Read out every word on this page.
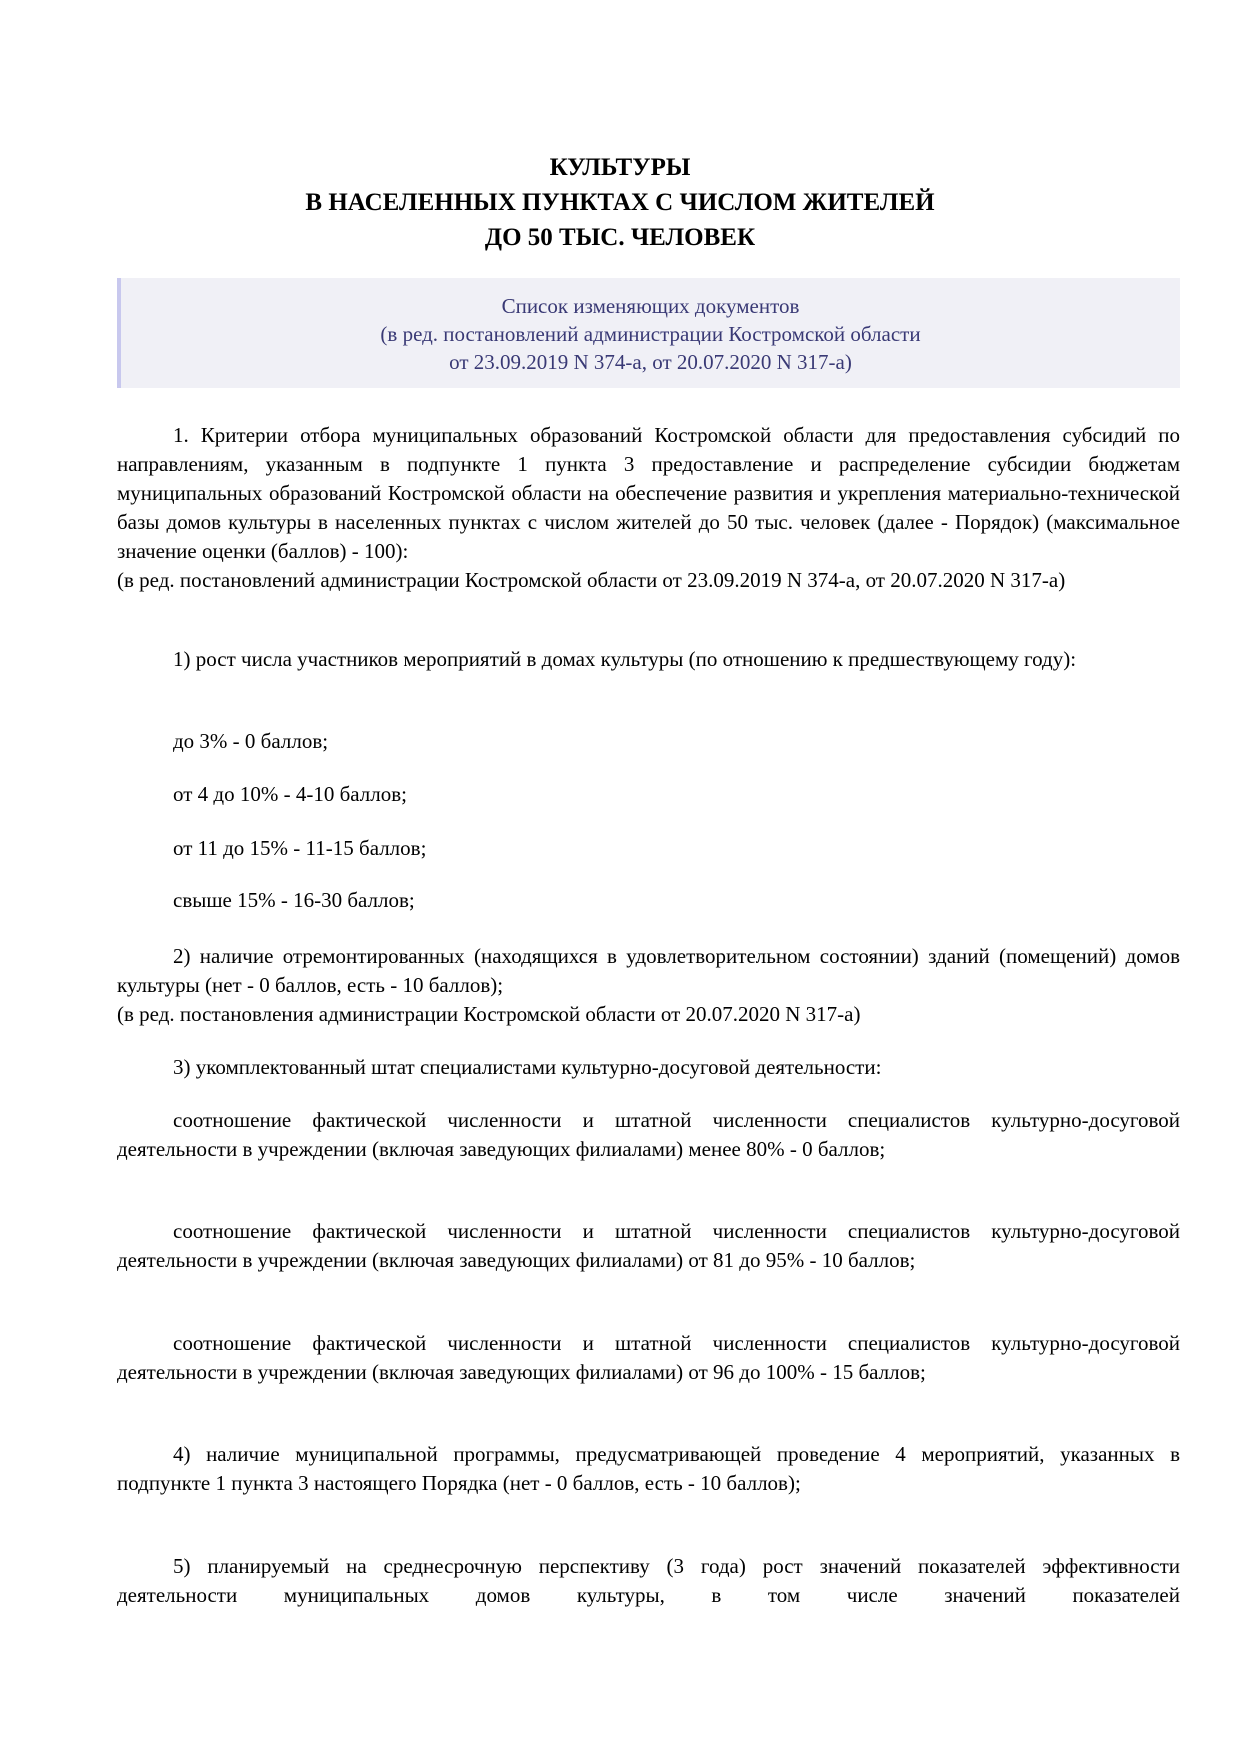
КУЛЬТУРЫ
В НАСЕЛЕННЫХ ПУНКТАХ С ЧИСЛОМ ЖИТЕЛЕЙ
ДО 50 ТЫС. ЧЕЛОВЕК
Список изменяющих документов
(в ред. постановлений администрации Костромской области
от 23.09.2019 N 374-а, от 20.07.2020 N 317-а)
1. Критерии отбора муниципальных образований Костромской области для предоставления субсидий по направлениям, указанным в подпункте 1 пункта 3 предоставление и распределение субсидии бюджетам муниципальных образований Костромской области на обеспечение развития и укрепления материально-технической базы домов культуры в населенных пунктах с числом жителей до 50 тыс. человек (далее - Порядок) (максимальное значение оценки (баллов) - 100):
(в ред. постановлений администрации Костромской области от 23.09.2019 N 374-а, от 20.07.2020 N 317-а)
1) рост числа участников мероприятий в домах культуры (по отношению к предшествующему году):
до 3% - 0 баллов;
от 4 до 10% - 4-10 баллов;
от 11 до 15% - 11-15 баллов;
свыше 15% - 16-30 баллов;
2) наличие отремонтированных (находящихся в удовлетворительном состоянии) зданий (помещений) домов культуры (нет - 0 баллов, есть - 10 баллов);
(в ред. постановления администрации Костромской области от 20.07.2020 N 317-а)
3) укомплектованный штат специалистами культурно-досуговой деятельности:
соотношение фактической численности и штатной численности специалистов культурно-досуговой деятельности в учреждении (включая заведующих филиалами) менее 80% - 0 баллов;
соотношение фактической численности и штатной численности специалистов культурно-досуговой деятельности в учреждении (включая заведующих филиалами) от 81 до 95% - 10 баллов;
соотношение фактической численности и штатной численности специалистов культурно-досуговой деятельности в учреждении (включая заведующих филиалами) от 96 до 100% - 15 баллов;
4) наличие муниципальной программы, предусматривающей проведение 4 мероприятий, указанных в подпункте 1 пункта 3 настоящего Порядка (нет - 0 баллов, есть - 10 баллов);
5) планируемый на среднесрочную перспективу (3 года) рост значений показателей эффективности деятельности муниципальных домов культуры, в том числе значений показателей
